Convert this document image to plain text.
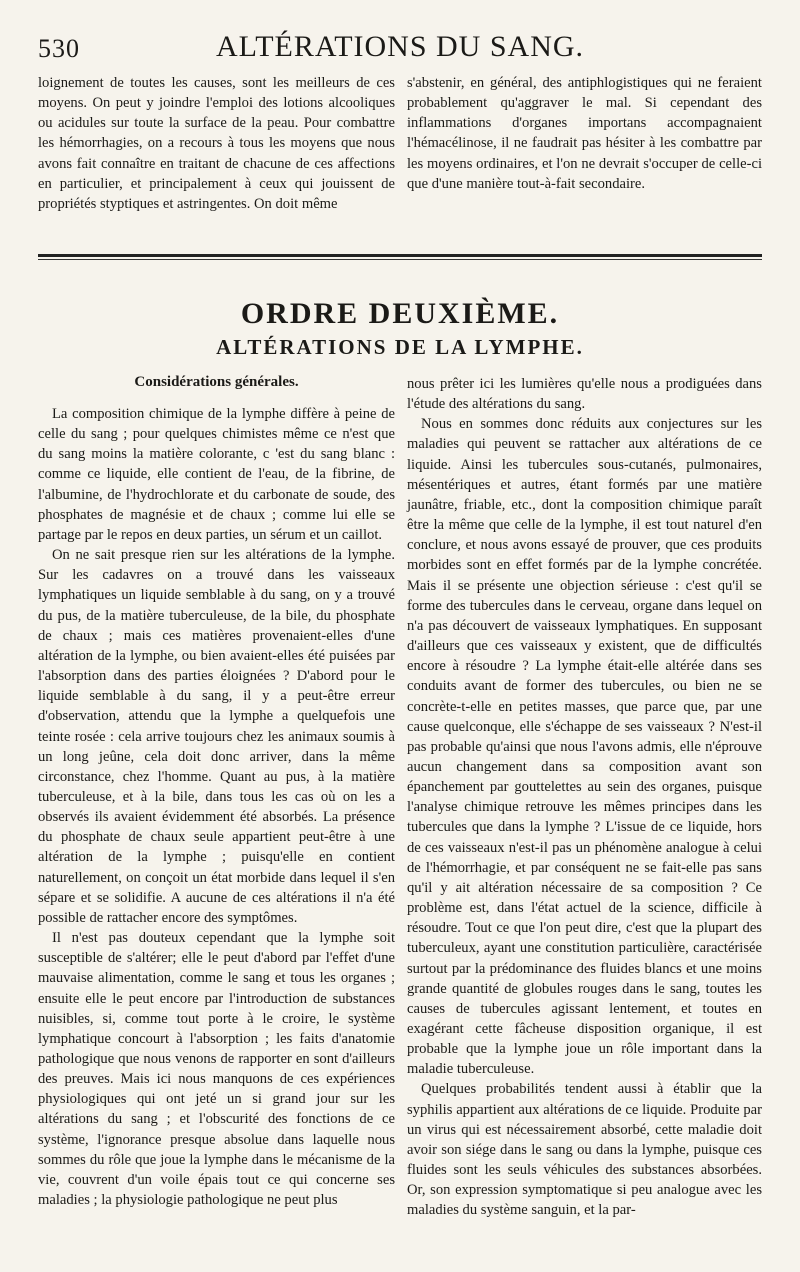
530	ALTÉRATIONS DU SANG.

loignement de toutes les causes, sont les meilleurs de ces moyens. On peut y joindre l'emploi des lotions alcooliques ou acidules sur toute la surface de la peau. Pour combattre les hémorrhagies, on a recours à tous les moyens que nous avons fait connaître en traitant de chacune de ces affections en particulier, et principalement à ceux qui jouissent de propriétés styptiques et astringentes. On doit même

s'abstenir, en général, des antiphlogistiques qui ne feraient probablement qu'aggraver le mal. Si cependant des inflammations d'organes importans accompagnaient l'hémacélinose, il ne faudrait pas hésiter à les combattre par les moyens ordinaires, et l'on ne devrait s'occuper de celle-ci que d'une manière tout-à-fait secondaire.

ORDRE DEUXIÈME.
ALTÉRATIONS DE LA LYMPHE.
Considérations générales.

La composition chimique de la lymphe diffère à peine de celle du sang ; pour quelques chimistes même ce n'est que du sang moins la matière colorante, c 'est du sang blanc : comme ce liquide, elle contient de l'eau, de la fibrine, de l'albumine, de l'hydrochlorate et du carbonate de soude, des phosphates de magnésie et de chaux ; comme lui elle se partage par le repos en deux parties, un sérum et un caillot.

On ne sait presque rien sur les altérations de la lymphe. Sur les cadavres on a trouvé dans les vaisseaux lymphatiques un liquide semblable à du sang, on y a trouvé du pus, de la matière tuberculeuse, de la bile, du phosphate de chaux ; mais ces matières provenaient-elles d'une altération de la lymphe, ou bien avaient-elles été puisées par l'absorption dans des parties éloignées ? D'abord pour le liquide semblable à du sang, il y a peut-être erreur d'observation, attendu que la lymphe a quelquefois une teinte rosée : cela arrive toujours chez les animaux soumis à un long jeûne, cela doit donc arriver, dans la même circonstance, chez l'homme. Quant au pus, à la matière tuberculeuse, et à la bile, dans tous les cas où on les a observés ils avaient évidemment été absorbés. La présence du phosphate de chaux seule appartient peut-être à une altération de la lymphe ; puisqu'elle en contient naturellement, on conçoit un état morbide dans lequel il s'en sépare et se solidifie. A aucune de ces altérations il n'a été possible de rattacher encore des symptômes.

Il n'est pas douteux cependant que la lymphe soit susceptible de s'altérer; elle le peut d'abord par l'effet d'une mauvaise alimentation, comme le sang et tous les organes ; ensuite elle le peut encore par l'introduction de substances nuisibles, si, comme tout porte à le croire, le système lymphatique concourt à l'absorption ; les faits d'anatomie pathologique que nous venons de rapporter en sont d'ailleurs des preuves. Mais ici nous manquons de ces expériences physiologiques qui ont jeté un si grand jour sur les altérations du sang ; et l'obscurité des fonctions de ce système, l'ignorance presque absolue dans laquelle nous sommes du rôle que joue la lymphe dans le mécanisme de la vie, couvrent d'un voile épais tout ce qui concerne ses maladies ; la physiologie pathologique ne peut plus

nous prêter ici les lumières qu'elle nous a prodiguées dans l'étude des altérations du sang.

Nous en sommes donc réduits aux conjectures sur les maladies qui peuvent se rattacher aux altérations de ce liquide. Ainsi les tubercules sous-cutanés, pulmonaires, mésentériques et autres, étant formés par une matière jaunâtre, friable, etc., dont la composition chimique paraît être la même que celle de la lymphe, il est tout naturel d'en conclure, et nous avons essayé de prouver, que ces produits morbides sont en effet formés par de la lymphe concrétée. Mais il se présente une objection sérieuse : c'est qu'il se forme des tubercules dans le cerveau, organe dans lequel on n'a pas découvert de vaisseaux lymphatiques. En supposant d'ailleurs que ces vaisseaux y existent, que de difficultés encore à résoudre ? La lymphe était-elle altérée dans ses conduits avant de former des tubercules, ou bien ne se concrète-t-elle en petites masses, que parce que, par une cause quelconque, elle s'échappe de ses vaisseaux ? N'est-il pas probable qu'ainsi que nous l'avons admis, elle n'éprouve aucun changement dans sa composition avant son épanchement par gouttelettes au sein des organes, puisque l'analyse chimique retrouve les mêmes principes dans les tubercules que dans la lymphe ? L'issue de ce liquide, hors de ces vaisseaux n'est-il pas un phénomène analogue à celui de l'hémorrhagie, et par conséquent ne se fait-elle pas sans qu'il y ait altération nécessaire de sa composition ? Ce problème est, dans l'état actuel de la science, difficile à résoudre. Tout ce que l'on peut dire, c'est que la plupart des tuberculeux, ayant une constitution particulière, caractérisée surtout par la prédominance des fluides blancs et une moins grande quantité de globules rouges dans le sang, toutes les causes de tubercules agissant lentement, et toutes en exagérant cette fâcheuse disposition organique, il est probable que la lymphe joue un rôle important dans la maladie tuberculeuse.

Quelques probabilités tendent aussi à établir que la syphilis appartient aux altérations de ce liquide. Produite par un virus qui est nécessairement absorbé, cette maladie doit avoir son siége dans le sang ou dans la lymphe, puisque ces fluides sont les seuls véhicules des substances absorbées. Or, son expression symptomatique si peu analogue avec les maladies du système sanguin, et la par-
